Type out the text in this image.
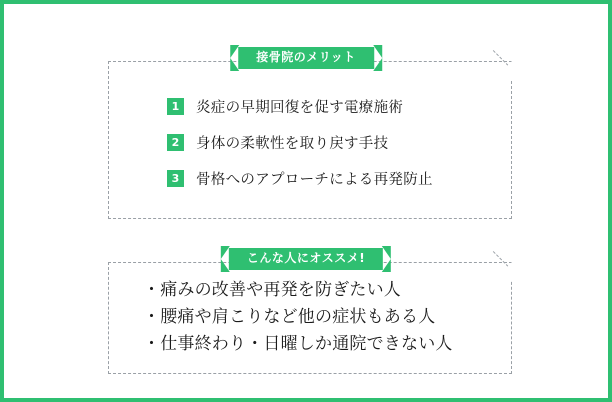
接骨院のメリット
1	炎症の早期回復を促す電療施術
2	身体の柔軟性を取り戻す手技
3	骨格へのアプローチによる再発防止
こんな人にオススメ!
・痛みの改善や再発を防ぎたい人
・腰痛や肩こりなど他の症状もある人
・仕事終わり・日曜しか通院できない人
